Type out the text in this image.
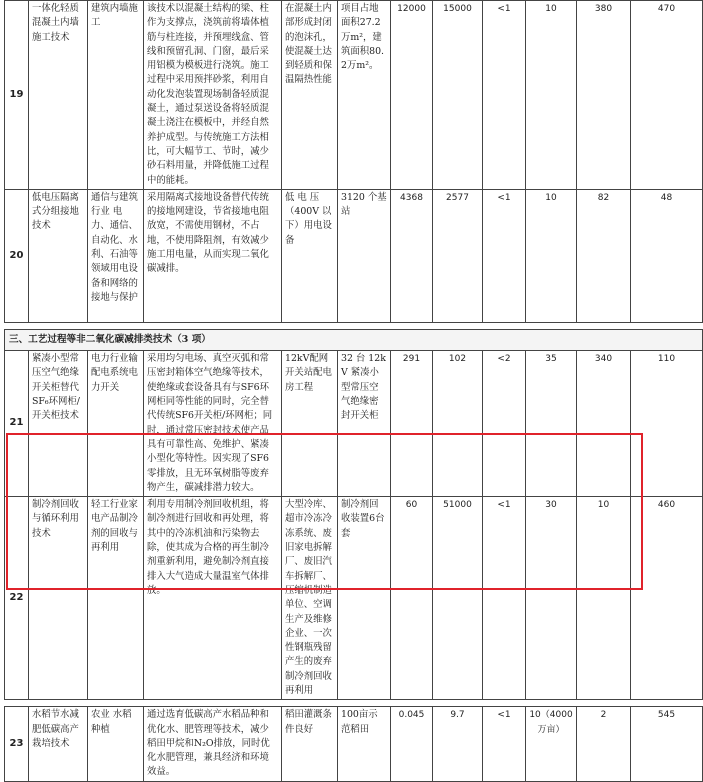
19	一体化轻质混凝土内墙施工技术	建筑内墙施工	该技术以混凝土结构的梁、柱作为支撑点，浇筑前将墙体植筋与柱连接，并预埋线盒、管线和预留孔洞、门窗，最后采用铝模为模板进行浇筑。施工过程中采用预拌砂浆，利用自动化发泡装置现场制备轻质混凝土，通过泵送设备将轻质混凝土浇注在模板中，并经自然养护成型。与传统施工方法相比，可大幅节工、节时，减少砂石料用量，并降低施工过程中的能耗。	在混凝土内部形成封闭的泡沫孔，使混凝土达到轻质和保温隔热性能	项目占地面积27.2万m²，建筑面积80.2万m²。	12000	15000	<1	10	380	470
20	低电压隔离式分组接地技术	通信与建筑行业 电力、通信、自动化、水利、石油等领域用电设备和网络的接地与保护	采用隔离式接地设备替代传统的接地网建设，节省接地电阻放宽，不需使用钢材，不占地，不使用降阻剂，有效减少施工用电量，从而实现二氧化碳减排。	低 电 压（400V 以下）用电设备	3120 个基站	4368	2577	<1	10	82	48

三、工艺过程等非二氧化碳减排类技术（3 项）											
21	紧凑小型常压空气绝缘开关柜替代SF₆环网柜/开关柜技术	电力行业输配电系统电力开关	采用均匀电场、真空灭弧和常压密封箱体空气绝缘等技术，使绝缘或套设备具有与SF6环网柜同等性能的同时，完全替代传统SF6开关柜/环网柜；同时，通过常压密封技术使产品具有可靠性高、免维护、紧凑小型化等特性。因实现了SF6零排放，且无环氧树脂等废弃物产生，碳减排潜力较大。	12kV配网开关站配电房工程	32 台 12kV 紧凑小型常压空气绝缘密封开关柜	291	102	<2	35	340	110
22	制冷剂回收与循环利用技术	轻工行业家电产品制冷剂的回收与再利用	利用专用制冷剂回收机组，将制冷剂进行回收和再处理，将其中的冷冻机油和污染物去除，使其成为合格的再生制冷剂重新利用，避免制冷剂直接排入大气造成大量温室气体排放。	大型冷库、超市冷冻冷冻系统、废旧家电拆解厂、废旧汽车拆解厂、压缩机制造单位、空调生产及维修企业、一次性钢瓶残留产生的废弃制冷剂回收再利用	制冷剂回收装置6台套	60	51000	<1	30	10	460

23	水稻节水减肥低碳高产栽培技术	农业 水稻种植	通过选育低碳高产水稻品种和优化水、肥管理等技术，减少稻田甲烷和N₂O排放，同时优化水肥管理，兼具经济和环境效益。	稻田灌溉条件良好	100亩示范稻田	0.045	9.7	<1	10（4000万亩）	2	545
